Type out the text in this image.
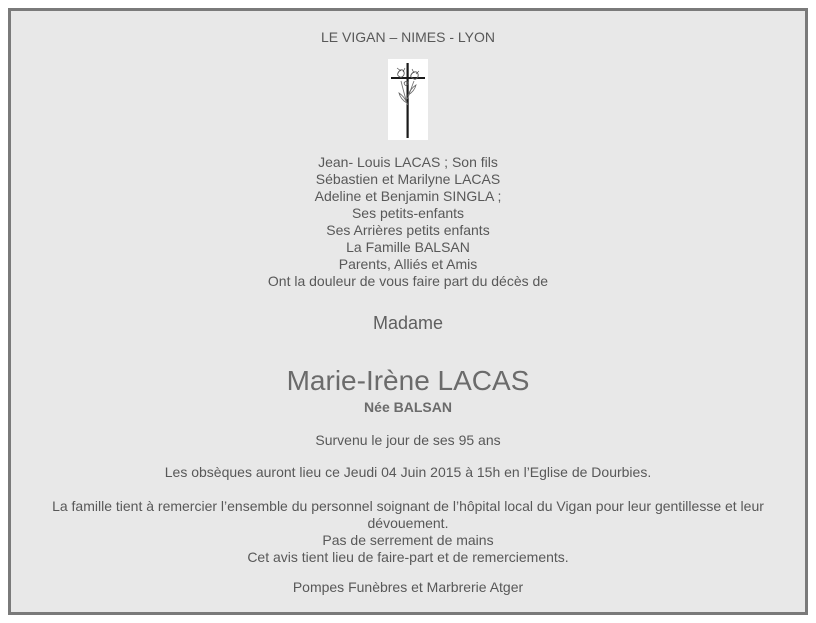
LE VIGAN – NIMES - LYON
Jean- Louis LACAS ; Son fils
Sébastien et Marilyne LACAS
Adeline et Benjamin SINGLA ;
Ses petits-enfants
Ses Arrières petits enfants
La Famille BALSAN
Parents, Alliés et Amis
Ont la douleur de vous faire part du décès de
Madame
Marie-Irène LACAS
Née BALSAN
Survenu le jour de ses 95 ans
Les obsèques auront lieu ce Jeudi 04 Juin 2015 à 15h en l’Eglise de Dourbies.
La famille tient à remercier l’ensemble du personnel soignant de l’hôpital local du Vigan pour leur gentillesse et leur dévouement.
Pas de serrement de mains
Cet avis tient lieu de faire-part et de remerciements.
Pompes Funèbres et Marbrerie Atger
